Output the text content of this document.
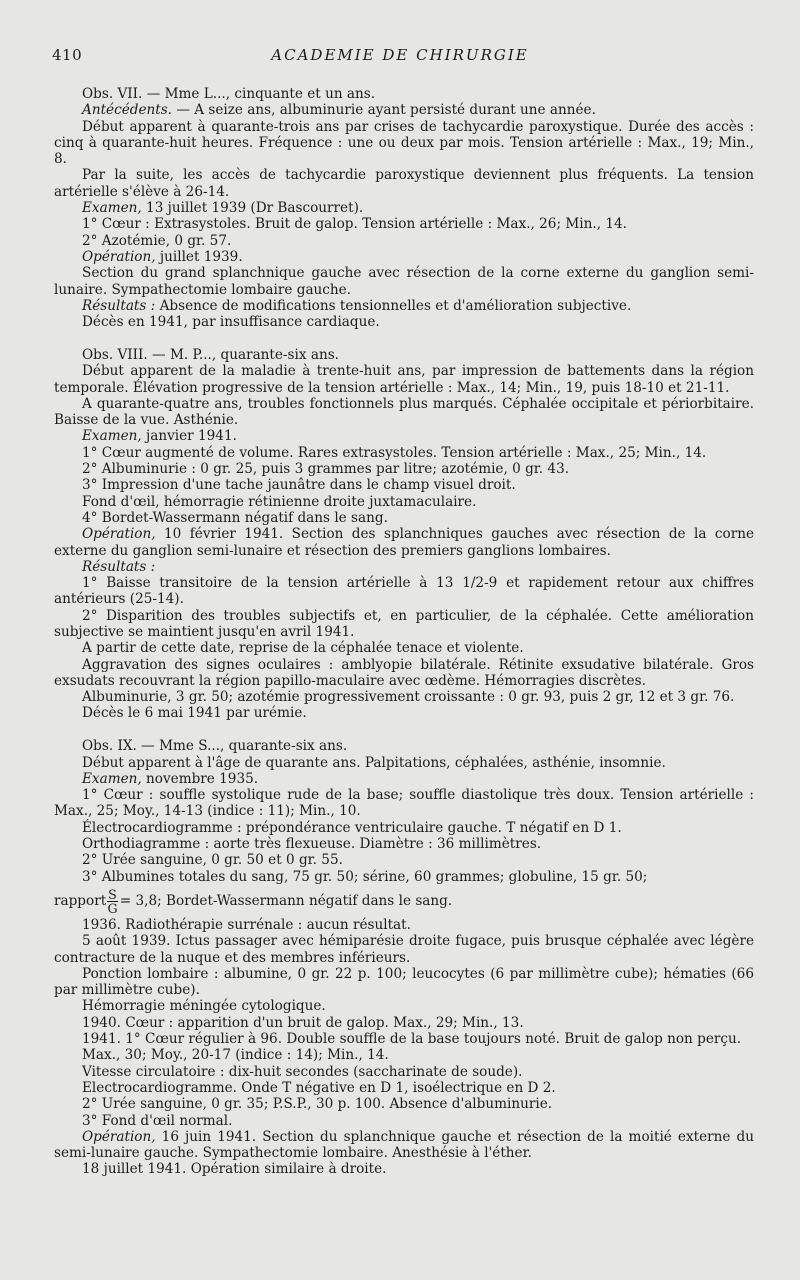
410	ACADEMIE DE CHIRURGIE

Obs. VII. — Mme L..., cinquante et un ans.

Antécédents. — A seize ans, albuminurie ayant persisté durant une année.

Début apparent à quarante-trois ans par crises de tachycardie paroxystique. Durée des accès : cinq à quarante-huit heures. Fréquence : une ou deux par mois. Tension artérielle : Max., 19; Min., 8.

Par la suite, les accès de tachycardie paroxystique deviennent plus fréquents. La tension artérielle s'élève à 26-14.

Examen, 13 juillet 1939 (Dr Bascourret).

1° Cœur : Extrasystoles. Bruit de galop. Tension artérielle : Max., 26; Min., 14.

2° Azotémie, 0 gr. 57.

Opération, juillet 1939.

Section du grand splanchnique gauche avec résection de la corne externe du ganglion semi-lunaire. Sympathectomie lombaire gauche.

Résultats : Absence de modifications tensionnelles et d'amélioration subjective.

Décès en 1941, par insuffisance cardiaque.

Obs. VIII. — M. P..., quarante-six ans.

Début apparent de la maladie à trente-huit ans, par impression de battements dans la région temporale. Élévation progressive de la tension artérielle : Max., 14; Min., 19, puis 18-10 et 21-11.

A quarante-quatre ans, troubles fonctionnels plus marqués. Céphalée occipitale et périorbitaire. Baisse de la vue. Asthénie.

Examen, janvier 1941.

1° Cœur augmenté de volume. Rares extrasystoles. Tension artérielle : Max., 25; Min., 14.

2° Albuminurie : 0 gr. 25, puis 3 grammes par litre; azotémie, 0 gr. 43.

3° Impression d'une tache jaunâtre dans le champ visuel droit.

Fond d'œil, hémorragie rétinienne droite juxtamaculaire.

4° Bordet-Wassermann négatif dans le sang.

Opération, 10 février 1941. Section des splanchniques gauches avec résection de la corne externe du ganglion semi-lunaire et résection des premiers ganglions lombaires.

Résultats :

1° Baisse transitoire de la tension artérielle à 13 1/2-9 et rapidement retour aux chiffres antérieurs (25-14).

2° Disparition des troubles subjectifs et, en particulier, de la céphalée. Cette amélioration subjective se maintient jusqu'en avril 1941.

A partir de cette date, reprise de la céphalée tenace et violente.

Aggravation des signes oculaires : amblyopie bilatérale. Rétinite exsudative bilatérale. Gros exsudats recouvrant la région papillo-maculaire avec œdème. Hémorragies discrètes.

Albuminurie, 3 gr. 50; azotémie progressivement croissante : 0 gr. 93, puis 2 gr, 12 et 3 gr. 76.

Décès le 6 mai 1941 par urémie.

Obs. IX. — Mme S..., quarante-six ans.

Début apparent à l'âge de quarante ans. Palpitations, céphalées, asthénie, insomnie.

Examen, novembre 1935.

1° Cœur : souffle systolique rude de la base; souffle diastolique très doux. Tension artérielle : Max., 25; Moy., 14-13 (indice : 11); Min., 10.

Électrocardiogramme : prépondérance ventriculaire gauche. T négatif en D 1.

Orthodiagramme : aorte très flexueuse. Diamètre : 36 millimètres.

2° Urée sanguine, 0 gr. 50 et 0 gr. 55.

3° Albumines totales du sang, 75 gr. 50; sérine, 60 grammes; globuline, 15 gr. 50;

rapport $\frac{S}{G} = 3,8$; Bordet-Wassermann négatif dans le sang.

1936. Radiothérapie surrénale : aucun résultat.

5 août 1939. Ictus passager avec hémiparésie droite fugace, puis brusque céphalée avec légère contracture de la nuque et des membres inférieurs.

Ponction lombaire : albumine, 0 gr. 22 p. 100; leucocytes (6 par millimètre cube); hématies (66 par millimètre cube).

Hémorragie méningée cytologique.

1940. Cœur : apparition d'un bruit de galop. Max., 29; Min., 13.

1941. 1° Cœur régulier à 96. Double souffle de la base toujours noté. Bruit de galop non perçu.

Max., 30; Moy., 20-17 (indice : 14); Min., 14.

Vitesse circulatoire : dix-huit secondes (saccharinate de soude).

Electrocardiogramme. Onde T négative en D 1, isoélectrique en D 2.

2° Urée sanguine, 0 gr. 35; P.S.P., 30 p. 100. Absence d'albuminurie.

3° Fond d'œil normal.

Opération, 16 juin 1941. Section du splanchnique gauche et résection de la moitié externe du semi-lunaire gauche. Sympathectomie lombaire. Anesthésie à l'éther.

18 juillet 1941. Opération similaire à droite.
